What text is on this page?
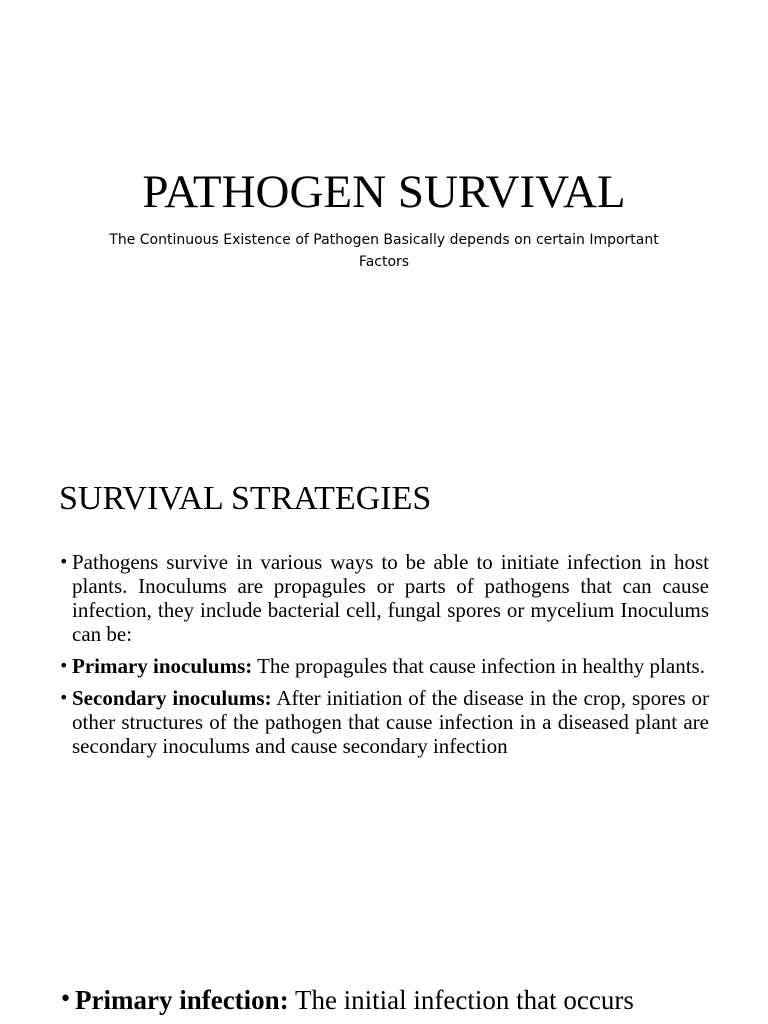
PATHOGEN SURVIVAL
The Continuous Existence of Pathogen Basically depends on certain Important Factors
SURVIVAL STRATEGIES
• Pathogens survive in various ways to be able to initiate infection in host plants. Inoculums are propagules or parts of pathogens that can cause infection, they include bacterial cell, fungal spores or mycelium Inoculums can be:
• Primary inoculums: The propagules that cause infection in healthy plants.
• Secondary inoculums: After initiation of the disease in the crop, spores or other structures of the pathogen that cause infection in a diseased plant are secondary inoculums and cause secondary infection
• Primary infection: The initial infection that occurs
